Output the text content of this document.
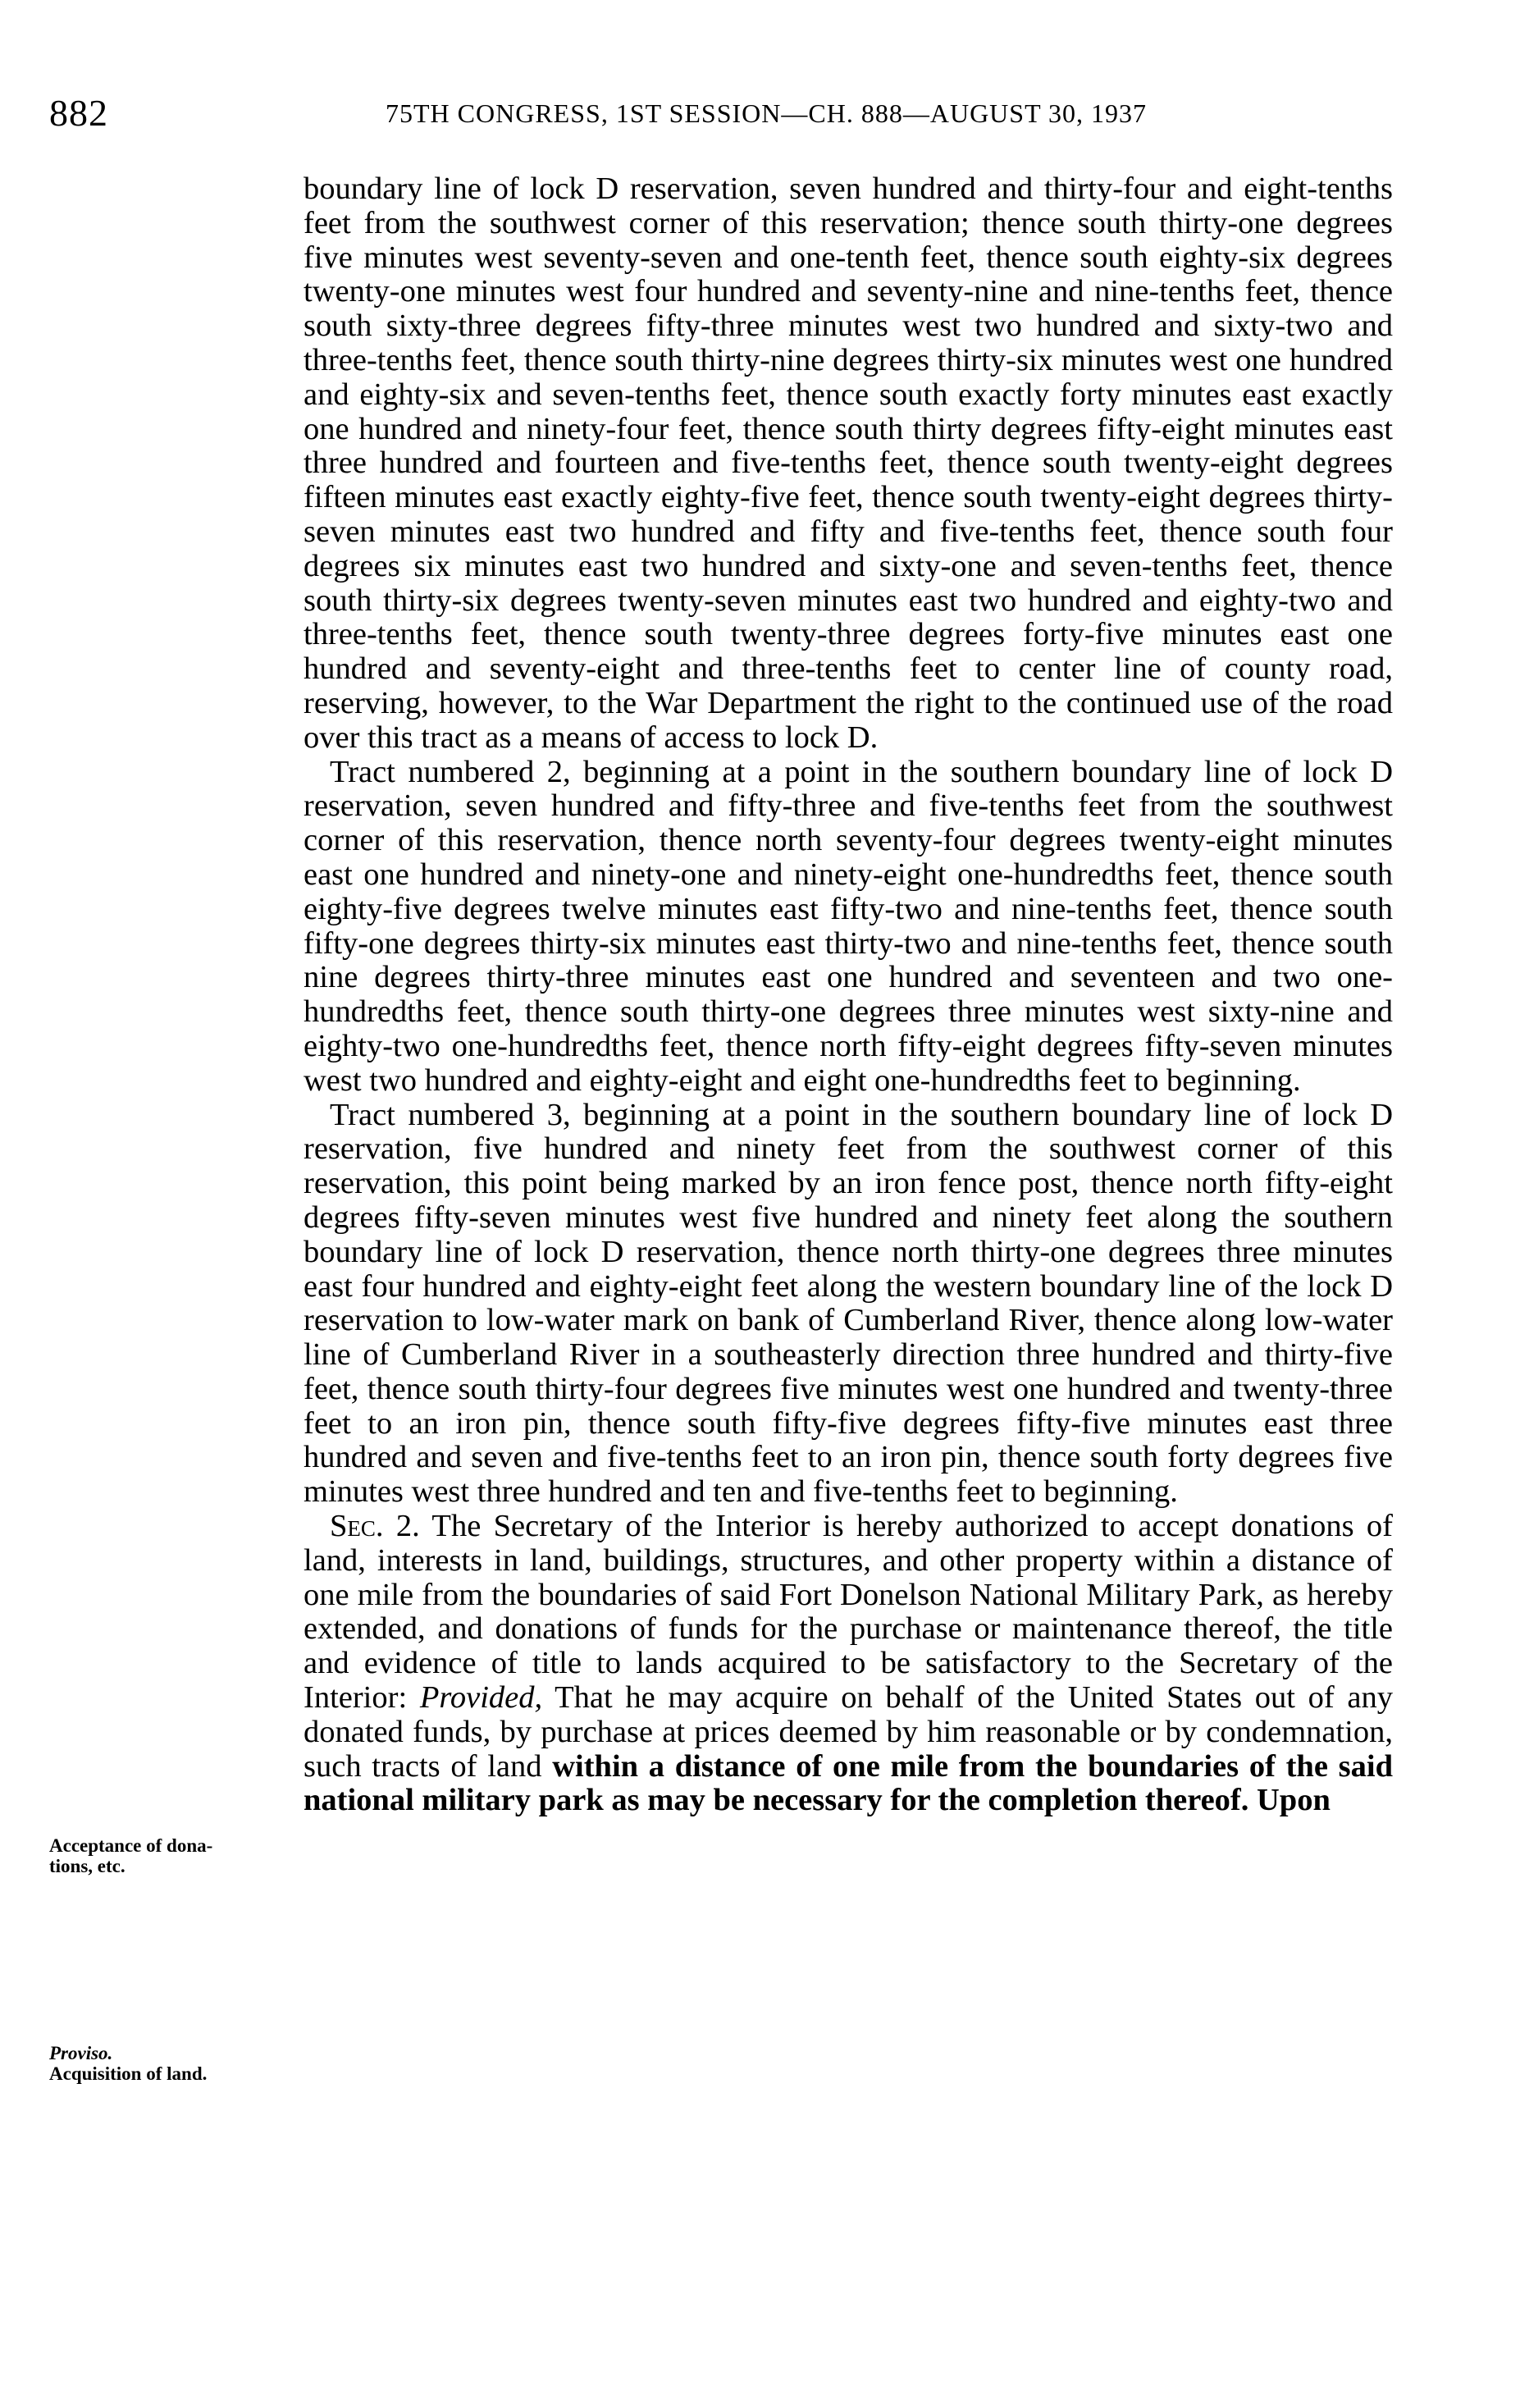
882	75TH CONGRESS, 1ST SESSION—CH. 888—AUGUST 30, 1937
Acceptance of dona-
tions, etc.
Proviso.
Acquisition of land.

boundary line of lock D reservation, seven hundred and thirty-four and eight-tenths feet from the southwest corner of this reservation; thence south thirty-one degrees five minutes west seventy-seven and one-tenth feet, thence south eighty-six degrees twenty-one minutes west four hundred and seventy-nine and nine-tenths feet, thence south sixty-three degrees fifty-three minutes west two hundred and sixty-two and three-tenths feet, thence south thirty-nine degrees thirty-six minutes west one hundred and eighty-six and seven-tenths feet, thence south exactly forty minutes east exactly one hundred and ninety-four feet, thence south thirty degrees fifty-eight minutes east three hundred and fourteen and five-tenths feet, thence south twenty-eight degrees fifteen minutes east exactly eighty-five feet, thence south twenty-eight degrees thirty-seven minutes east two hundred and fifty and five-tenths feet, thence south four degrees six minutes east two hundred and sixty-one and seven-tenths feet, thence south thirty-six degrees twenty-seven minutes east two hundred and eighty-two and three-tenths feet, thence south twenty-three degrees forty-five minutes east one hundred and seventy-eight and three-tenths feet to center line of county road, reserving, however, to the War Department the right to the continued use of the road over this tract as a means of access to lock D.

Tract numbered 2, beginning at a point in the southern boundary line of lock D reservation, seven hundred and fifty-three and five-tenths feet from the southwest corner of this reservation, thence north seventy-four degrees twenty-eight minutes east one hundred and ninety-one and ninety-eight one-hundredths feet, thence south eighty-five degrees twelve minutes east fifty-two and nine-tenths feet, thence south fifty-one degrees thirty-six minutes east thirty-two and nine-tenths feet, thence south nine degrees thirty-three minutes east one hundred and seventeen and two one-hundredths feet, thence south thirty-one degrees three minutes west sixty-nine and eighty-two one-hundredths feet, thence north fifty-eight degrees fifty-seven minutes west two hundred and eighty-eight and eight one-hundredths feet to beginning.

Tract numbered 3, beginning at a point in the southern boundary line of lock D reservation, five hundred and ninety feet from the southwest corner of this reservation, this point being marked by an iron fence post, thence north fifty-eight degrees fifty-seven minutes west five hundred and ninety feet along the southern boundary line of lock D reservation, thence north thirty-one degrees three minutes east four hundred and eighty-eight feet along the western boundary line of the lock D reservation to low-water mark on bank of Cumberland River, thence along low-water line of Cumberland River in a southeasterly direction three hundred and thirty-five feet, thence south thirty-four degrees five minutes west one hundred and twenty-three feet to an iron pin, thence south fifty-five degrees fifty-five minutes east three hundred and seven and five-tenths feet to an iron pin, thence south forty degrees five minutes west three hundred and ten and five-tenths feet to beginning.

Sec. 2. The Secretary of the Interior is hereby authorized to accept donations of land, interests in land, buildings, structures, and other property within a distance of one mile from the boundaries of said Fort Donelson National Military Park, as hereby extended, and donations of funds for the purchase or maintenance thereof, the title and evidence of title to lands acquired to be satisfactory to the Secretary of the Interior: Provided, That he may acquire on behalf of the United States out of any donated funds, by purchase at prices deemed by him reasonable or by condemnation, such tracts of land within a distance of one mile from the boundaries of the said national military park as may be necessary for the completion thereof. Upon
